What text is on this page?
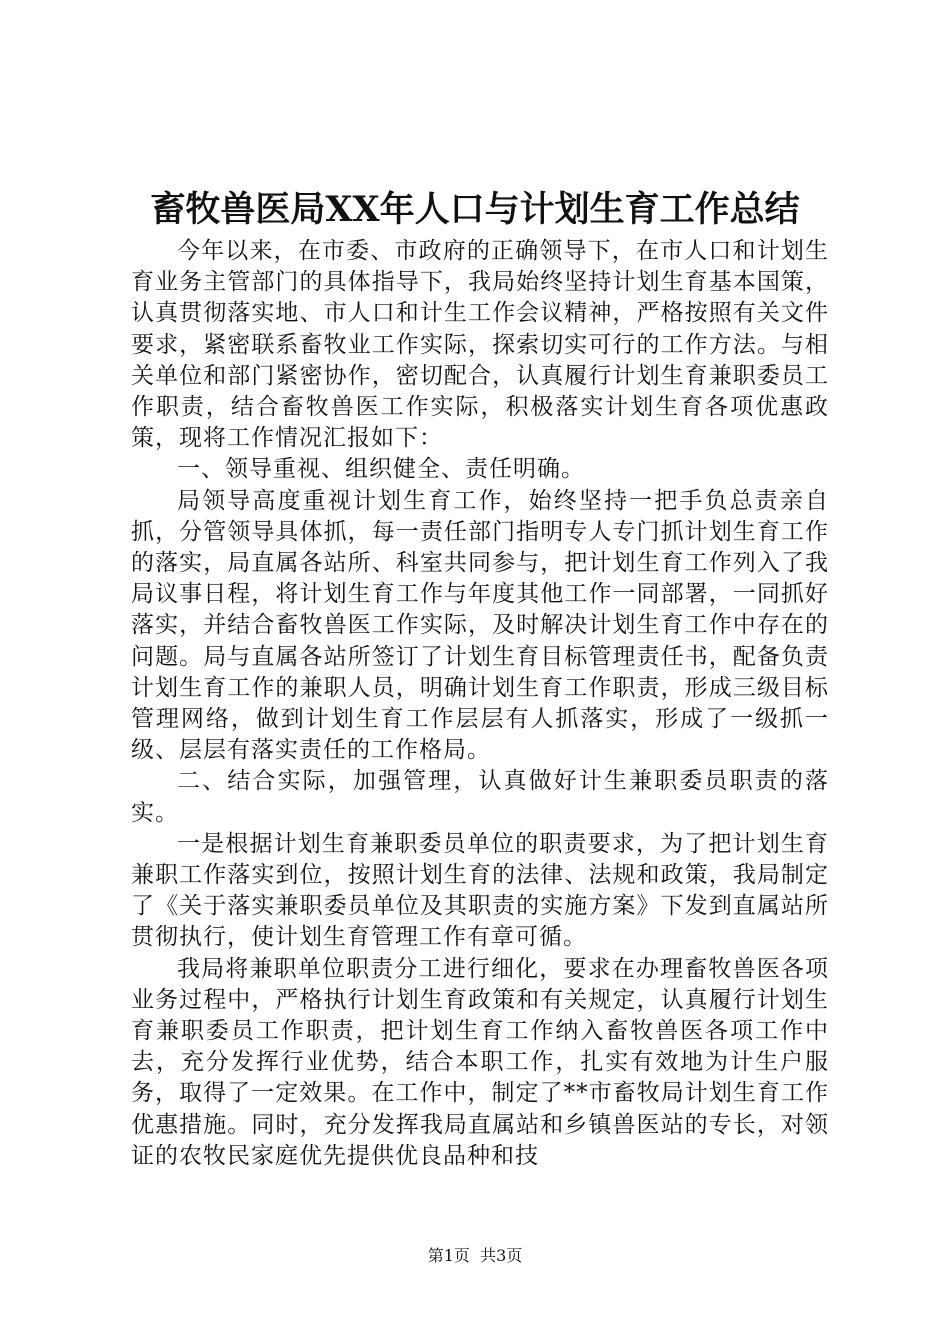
畜牧兽医局XX年人口与计划生育工作总结

今年以来，在市委、市政府的正确领导下，在市人口和计划生育业务主管部门的具体指导下，我局始终坚持计划生育基本国策，认真贯彻落实地、市人口和计生工作会议精神，严格按照有关文件要求，紧密联系畜牧业工作实际，探索切实可行的工作方法。与相关单位和部门紧密协作，密切配合，认真履行计划生育兼职委员工作职责，结合畜牧兽医工作实际，积极落实计划生育各项优惠政策，现将工作情况汇报如下：

一、领导重视、组织健全、责任明确。

局领导高度重视计划生育工作，始终坚持一把手负总责亲自抓，分管领导具体抓，每一责任部门指明专人专门抓计划生育工作的落实，局直属各站所、科室共同参与，把计划生育工作列入了我局议事日程，将计划生育工作与年度其他工作一同部署，一同抓好落实，并结合畜牧兽医工作实际，及时解决计划生育工作中存在的问题。局与直属各站所签订了计划生育目标管理责任书，配备负责计划生育工作的兼职人员，明确计划生育工作职责，形成三级目标管理网络，做到计划生育工作层层有人抓落实，形成了一级抓一级、层层有落实责任的工作格局。

二、结合实际，加强管理，认真做好计生兼职委员职责的落实。

一是根据计划生育兼职委员单位的职责要求，为了把计划生育兼职工作落实到位，按照计划生育的法律、法规和政策，我局制定了《关于落实兼职委员单位及其职责的实施方案》下发到直属站所贯彻执行，使计划生育管理工作有章可循。

我局将兼职单位职责分工进行细化，要求在办理畜牧兽医各项业务过程中，严格执行计划生育政策和有关规定，认真履行计划生育兼职委员工作职责，把计划生育工作纳入畜牧兽医各项工作中去，充分发挥行业优势，结合本职工作，扎实有效地为计生户服务，取得了一定效果。在工作中，制定了**市畜牧局计划生育工作优惠措施。同时，充分发挥我局直属站和乡镇兽医站的专长，对领证的农牧民家庭优先提供优良品种和技

第1页  共3页
